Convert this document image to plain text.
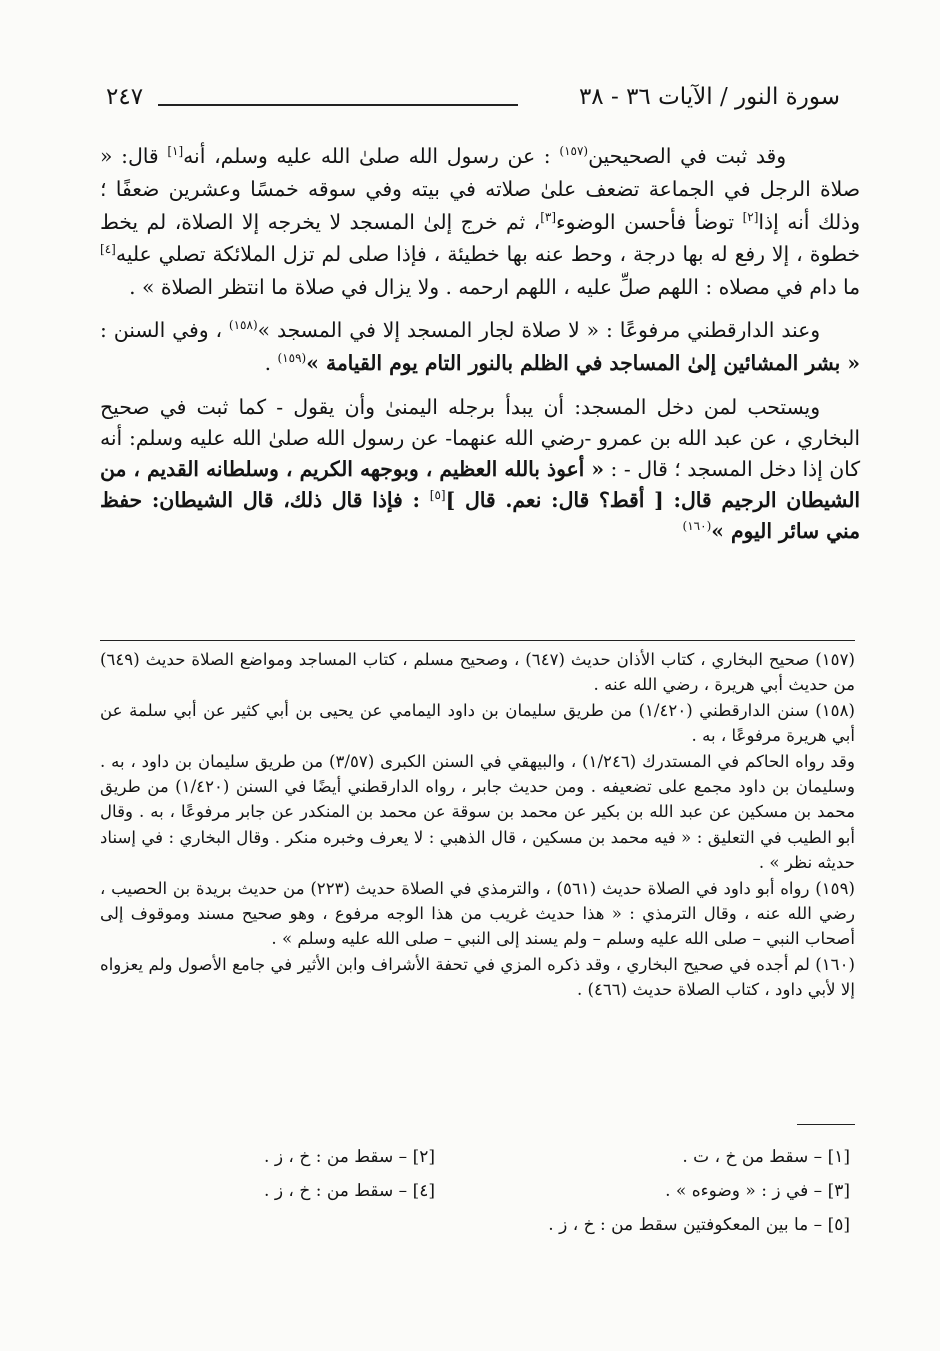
سورة النور / الآيات ٣٦ - ٣٨
٢٤٧

وقد ثبت في الصحيحين$^{(١٥٧)}$ : عن رسول الله صلىٰ الله عليه وسلم، أنه[١] قال: « صلاة الرجل في الجماعة تضعف علىٰ صلاته في بيته وفي سوقه خمسًا وعشرين ضعفًا ؛ وذلك أنه إذا[٢] توضأ فأحسن الوضوء[٣]، ثم خرج إلىٰ المسجد لا يخرجه إلا الصلاة، لم يخط خطوة ، إلا رفع له بها درجة ، وحط عنه بها خطيئة ، فإذا صلى لم تزل الملائكة تصلي عليه[٤] ما دام في مصلاه : اللهم صلِّ عليه ، اللهم ارحمه . ولا يزال في صلاة ما انتظر الصلاة » .

وعند الدارقطني مرفوعًا : « لا صلاة لجار المسجد إلا في المسجد »$^{(١٥٨)}$ ، وفي السنن : « بشر المشائين إلىٰ المساجد في الظلم بالنور التام يوم القيامة »$^{(١٥٩)}$ .

ويستحب لمن دخل المسجد: أن يبدأ برجله اليمنىٰ وأن يقول - كما ثبت في صحيح البخاري ، عن عبد الله بن عمرو -رضي الله عنهما- عن رسول الله صلىٰ الله عليه وسلم: أنه كان إذا دخل المسجد ؛ قال - : « أعوذ بالله العظيم ، وبوجهه الكريم ، وسلطانه القديم ، من الشيطان الرجيم قال: [ أقط؟ قال: نعم. قال ][٥] : فإذا قال ذلك، قال الشيطان: حفظ مني سائر اليوم »$^{(١٦٠)}$

(١٥٧) صحيح البخاري ، كتاب الأذان حديث (٦٤٧) ، وصحيح مسلم ، كتاب المساجد ومواضع الصلاة حديث (٦٤٩) من حديث أبي هريرة ، رضي الله عنه .

(١٥٨) سنن الدارقطني (١/٤٢٠) من طريق سليمان بن داود اليمامي عن يحيى بن أبي كثير عن أبي سلمة عن أبي هريرة مرفوعًا ، به .

وقد رواه الحاكم في المستدرك (١/٢٤٦) ، والبيهقي في السنن الكبرى (٣/٥٧) من طريق سليمان بن داود ، به . وسليمان بن داود مجمع على تضعيفه . ومن حديث جابر ، رواه الدارقطني أيضًا في السنن (١/٤٢٠) من طريق محمد بن مسكين عن عبد الله بن بكير عن محمد بن سوقة عن محمد بن المنكدر عن جابر مرفوعًا ، به . وقال أبو الطيب في التعليق : « فيه محمد بن مسكين ، قال الذهبي : لا يعرف وخبره منكر . وقال البخاري : في إسناد حديثه نظر » .

(١٥٩) رواه أبو داود في الصلاة حديث (٥٦١) ، والترمذي في الصلاة حديث (٢٢٣) من حديث بريدة بن الحصيب ، رضي الله عنه ، وقال الترمذي : « هذا حديث غريب من هذا الوجه مرفوع ، وهو صحيح مسند وموقوف إلى أصحاب النبي – صلى الله عليه وسلم – ولم يسند إلى النبي – صلى الله عليه وسلم » .

(١٦٠) لم أجده في صحيح البخاري ، وقد ذكره المزي في تحفة الأشراف وابن الأثير في جامع الأصول ولم يعزواه إلا لأبي داود ، كتاب الصلاة حديث (٤٦٦) .

[١] – سقط من خ ، ت .
[٢] – سقط من : خ ، ز .
[٣] – في ز : « وضوءه » .
[٤] – سقط من : خ ، ز .
[٥] – ما بين المعكوفتين سقط من : خ ، ز .
